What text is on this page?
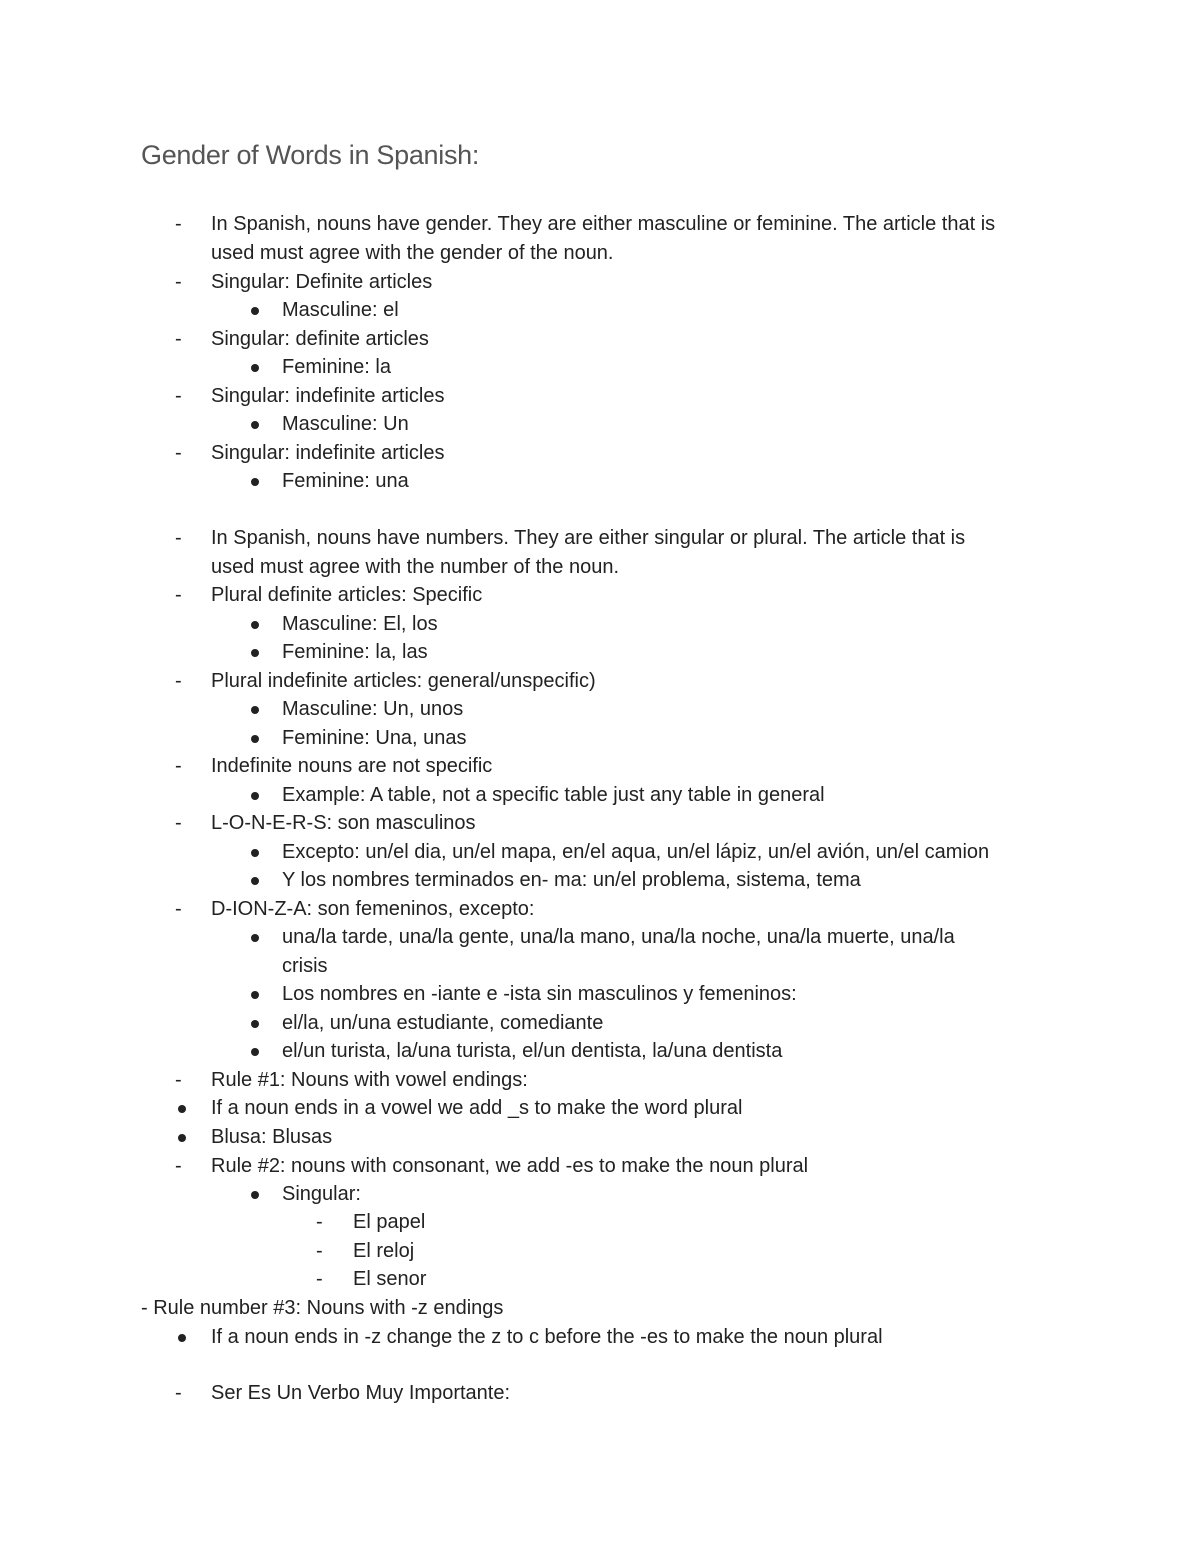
Gender of Words in Spanish:
In Spanish, nouns have gender. They are either masculine or feminine. The article that is
-
used must agree with the gender of the noun.
Singular: Definite articles
-
Masculine: el
Singular: definite articles
-
Feminine: la
Singular: indefinite articles
-
Masculine: Un
Singular: indefinite articles
-
Feminine: una
In Spanish, nouns have numbers. They are either singular or plural. The article that is
-
used must agree with the number of the noun.
Plural definite articles: Specific
-
Masculine: El, los
Feminine: la, las
Plural indefinite articles: general/unspecific)
-
Masculine: Un, unos
Feminine: Una, unas
Indefinite nouns are not specific
-
Example: A table, not a specific table just any table in general
L-O-N-E-R-S: son masculinos
-
Excepto: un/el dia, un/el mapa, en/el aqua, un/el lápiz, un/el avión, un/el camion
Y los nombres terminados en- ma: un/el problema, sistema, tema
D-ION-Z-A: son femeninos, excepto:
-
una/la tarde, una/la gente, una/la mano, una/la noche, una/la muerte, una/la
crisis
Los nombres en -iante e -ista sin masculinos y femeninos:
el/la, un/una estudiante, comediante
el/un turista, la/una turista, el/un dentista, la/una dentista
Rule #1: Nouns with vowel endings:
-
If a noun ends in a vowel we add _s to make the word plural
Blusa: Blusas
Rule #2: nouns with consonant, we add -es to make the noun plural
-
Singular:
El papel
-
El reloj
-
El senor
-
- Rule number #3: Nouns with -z endings
If a noun ends in -z change the z to c before the -es to make the noun plural
Ser Es Un Verbo Muy Importante:
-
